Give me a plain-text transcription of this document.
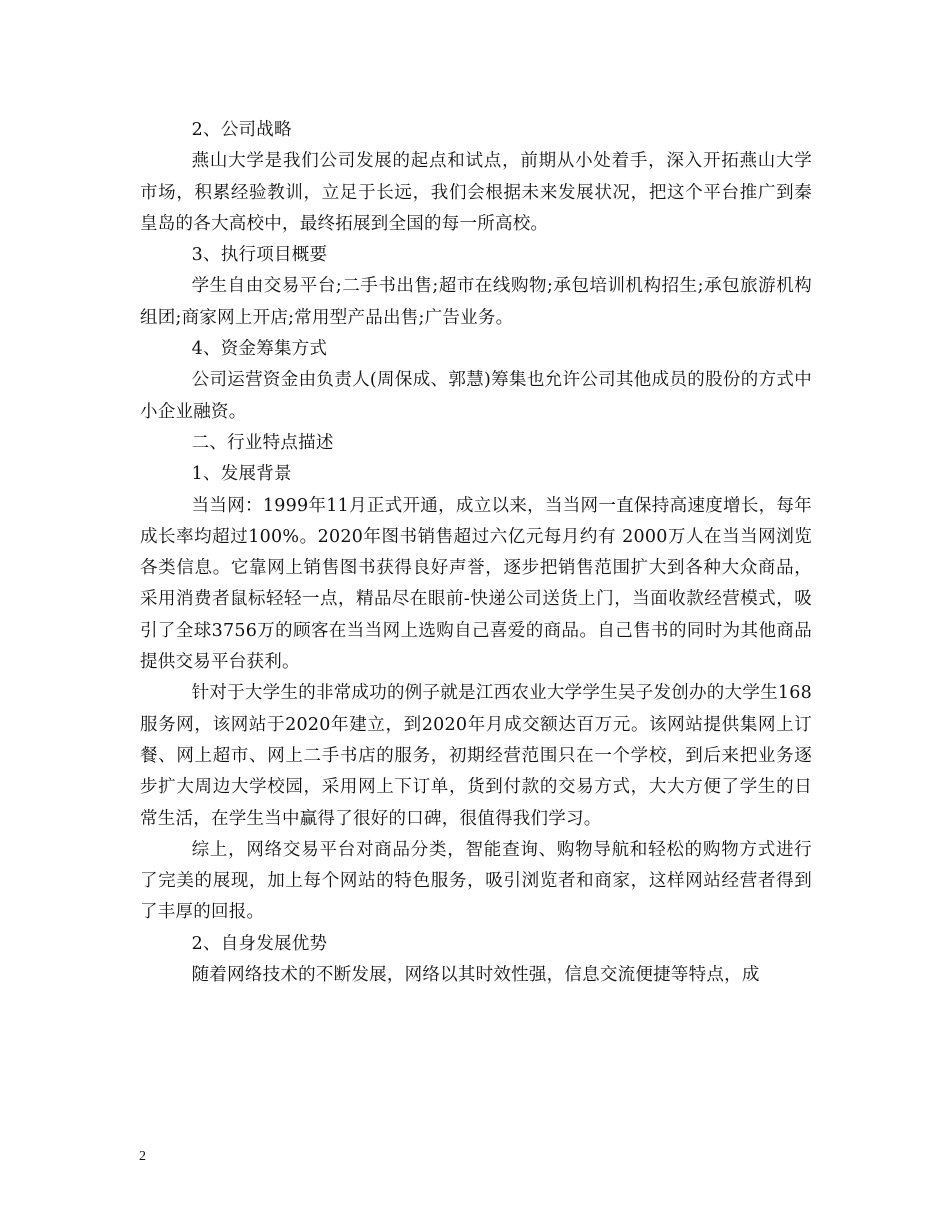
2、公司战略

燕山大学是我们公司发展的起点和试点，前期从小处着手，深入开拓燕山大学市场，积累经验教训，立足于长远，我们会根据未来发展状况，把这个平台推广到秦皇岛的各大高校中，最终拓展到全国的每一所高校。

3、执行项目概要

学生自由交易平台;二手书出售;超市在线购物;承包培训机构招生;承包旅游机构组团;商家网上开店;常用型产品出售;广告业务。

4、资金筹集方式

公司运营资金由负责人(周保成、郭慧)筹集也允许公司其他成员的股份的方式中小企业融资。

二、行业特点描述

1、发展背景

当当网：1999年11月正式开通，成立以来，当当网一直保持高速度增长，每年成长率均超过100%。2020年图书销售超过六亿元每月约有 2000万人在当当网浏览各类信息。它靠网上销售图书获得良好声誉，逐步把销售范围扩大到各种大众商品，采用消费者鼠标轻轻一点，精品尽在眼前-快递公司送货上门，当面收款经营模式，吸引了全球3756万的顾客在当当网上选购自己喜爱的商品。自己售书的同时为其他商品提供交易平台获利。

针对于大学生的非常成功的例子就是江西农业大学学生吴子发创办的大学生168服务网，该网站于2020年建立，到2020年月成交额达百万元。该网站提供集网上订餐、网上超市、网上二手书店的服务，初期经营范围只在一个学校，到后来把业务逐步扩大周边大学校园，采用网上下订单，货到付款的交易方式，大大方便了学生的日常生活，在学生当中赢得了很好的口碑，很值得我们学习。

综上，网络交易平台对商品分类，智能查询、购物导航和轻松的购物方式进行了完美的展现，加上每个网站的特色服务，吸引浏览者和商家，这样网站经营者得到了丰厚的回报。

2、自身发展优势

随着网络技术的不断发展，网络以其时效性强，信息交流便捷等特点，成

2
